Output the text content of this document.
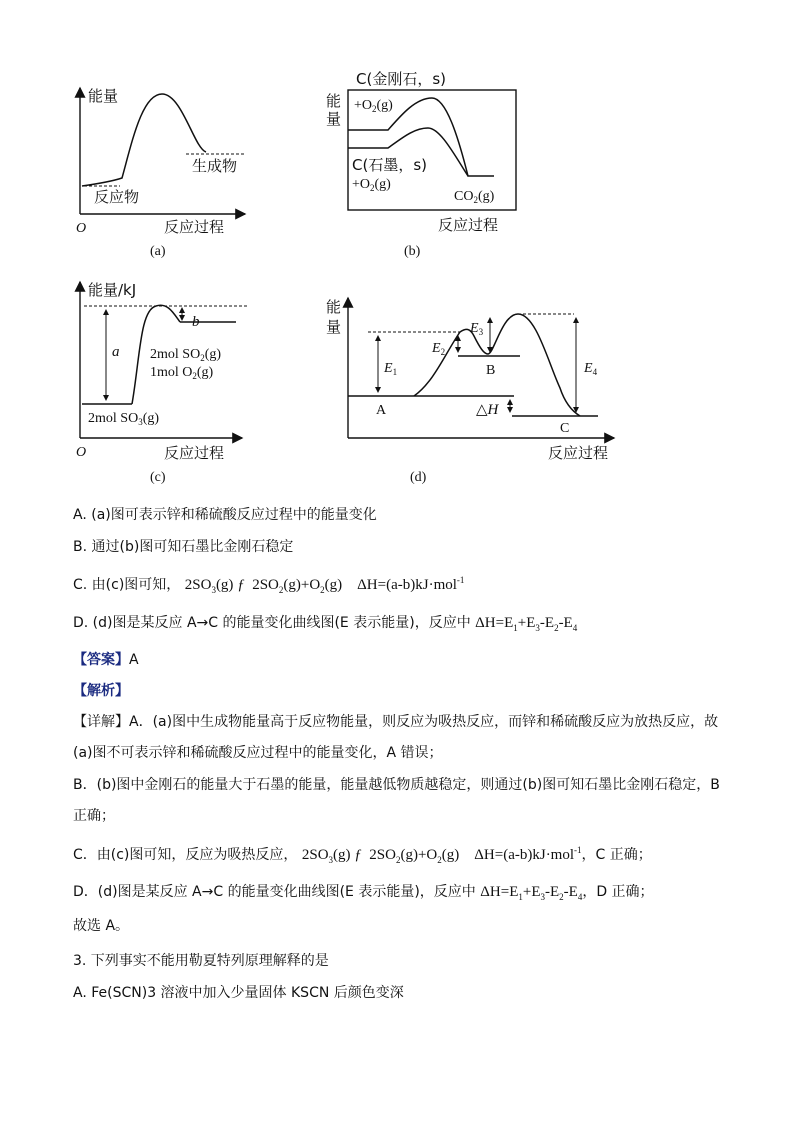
能量
生成物
反应物
O	反应过程
(a)
C(金刚石，s)
能
量
$+O_2(g)$
C(石墨，s)
$+O_2(g)$
$CO_2(g)$
反应过程
(b)
能量/kJ
a
b
2mol $SO_2(g)$
1mol $O_2(g)$
2mol $SO_3(g)$
O	反应过程
(c)
能
量
$E_1$
$E_2$
$E_3$
$E_4$
△H
A
B
C
反应过程
(d)
A. (a)图可表示锌和稀硫酸反应过程中的能量变化
B. 通过(b)图可知石墨比金刚石稳定
C. 由(c)图可知， $2SO_3(g)$ ƒ  $2SO_2(g)+O_2(g)$    ΔH=(a-b)kJ·mol$^{-1}$
D. (d)图是某反应 A→C 的能量变化曲线图(E 表示能量)，反应中 $\Delta H=E_1+E_3-E_2-E_4$
【答案】A
【解析】
【详解】A．(a)图中生成物能量高于反应物能量，则反应为吸热反应，而锌和稀硫酸反应为放热反应，故
(a)图不可表示锌和稀硫酸反应过程中的能量变化，A 错误；
B．(b)图中金刚石的能量大于石墨的能量，能量越低物质越稳定，则通过(b)图可知石墨比金刚石稳定，B
正确；
C．由(c)图可知，反应为吸热反应， $2SO_3(g)$ ƒ  $2SO_2(g)+O_2(g)$    ΔH=(a-b)kJ·mol$^{-1}$，C 正确；
D．(d)图是某反应 A→C 的能量变化曲线图(E 表示能量)，反应中 $\Delta H=E_1+E_3-E_2-E_4$，D 正确；
故选 A。
3. 下列事实不能用勒夏特列原理解释的是
A. Fe(SCN)3 溶液中加入少量固体 KSCN 后颜色变深
